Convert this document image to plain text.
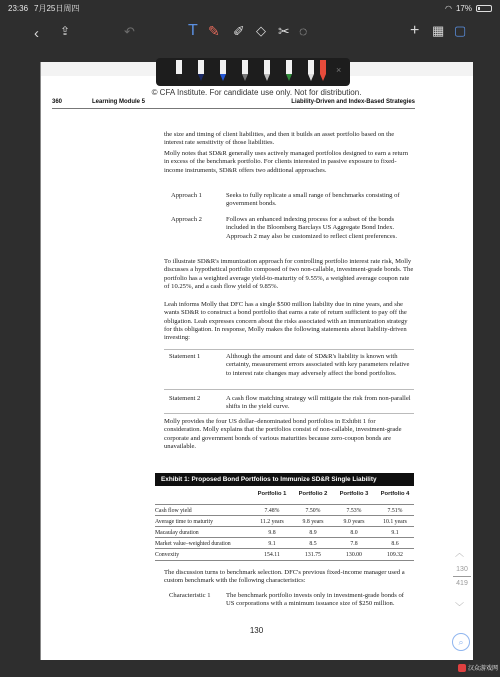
23:36 7月25日周四	◠ 17%
‹ ⇪	↶	T ✎ ✐ ◇ ✂ ◌	+ ▦ ▢
×
© CFA Institute. For candidate use only. Not for distribution.
360	Learning Module 5	Liability-Driven and Index-Based Strategies
the size and timing of client liabilities, and then it builds an asset portfolio based on the interest rate sensitivity of those liabilities.
Molly notes that SD&R generally uses actively managed portfolios designed to earn a return in excess of the benchmark portfolio. For clients interested in passive exposure to fixed-income instruments, SD&R offers two additional approaches.
Approach 1	Seeks to fully replicate a small range of benchmarks consisting of government bonds.
Approach 2	Follows an enhanced indexing process for a subset of the bonds included in the Bloomberg Barclays US Aggregate Bond Index. Approach 2 may also be customized to reflect client preferences.
To illustrate SD&R's immunization approach for controlling portfolio interest rate risk, Molly discusses a hypothetical portfolio composed of two non-callable, investment-grade bonds. The portfolio has a weighted average yield-to-maturity of 9.55%, a weighted average coupon rate of 10.25%, and a cash flow yield of 9.85%.
Leah informs Molly that DFC has a single $500 million liability due in nine years, and she wants SD&R to construct a bond portfolio that earns a rate of return sufficient to pay off the obligation. Leah expresses concern about the risks associated with an immunization strategy for this obligation. In response, Molly makes the following statements about liability-driven investing:
Statement 1	Although the amount and date of SD&R's liability is known with certainty, measurement errors associated with key parameters relative to interest rate changes may adversely affect the bond portfolios.
Statement 2	A cash flow matching strategy will mitigate the risk from non-parallel shifts in the yield curve.
Molly provides the four US dollar–denominated bond portfolios in Exhibit 1 for consideration. Molly explains that the portfolios consist of non-callable, investment-grade corporate and government bonds of various maturities because zero-coupon bonds are unavailable.
Exhibit 1: Proposed Bond Portfolios to Immunize SD&R Single Liability
Portfolio 1	Portfolio 2	Portfolio 3	Portfolio 4
Cash flow yield	7.48%	7.50%	7.53%	7.51%
Average time to maturity	11.2 years	9.8 years	9.0 years	10.1 years
Macaulay duration	9.8	8.9	8.0	9.1
Market value–weighted duration	9.1	8.5	7.8	8.6
Convexity	154.11	131.75	130.00	109.32
The discussion turns to benchmark selection. DFC's previous fixed-income manager used a custom benchmark with the following characteristics:
Characteristic 1 The benchmark portfolio invests only in investment-grade bonds of US corporations with a minimum issuance size of $250 million.
130
︿
130
419
﹀
⌕
汉众游戏网
